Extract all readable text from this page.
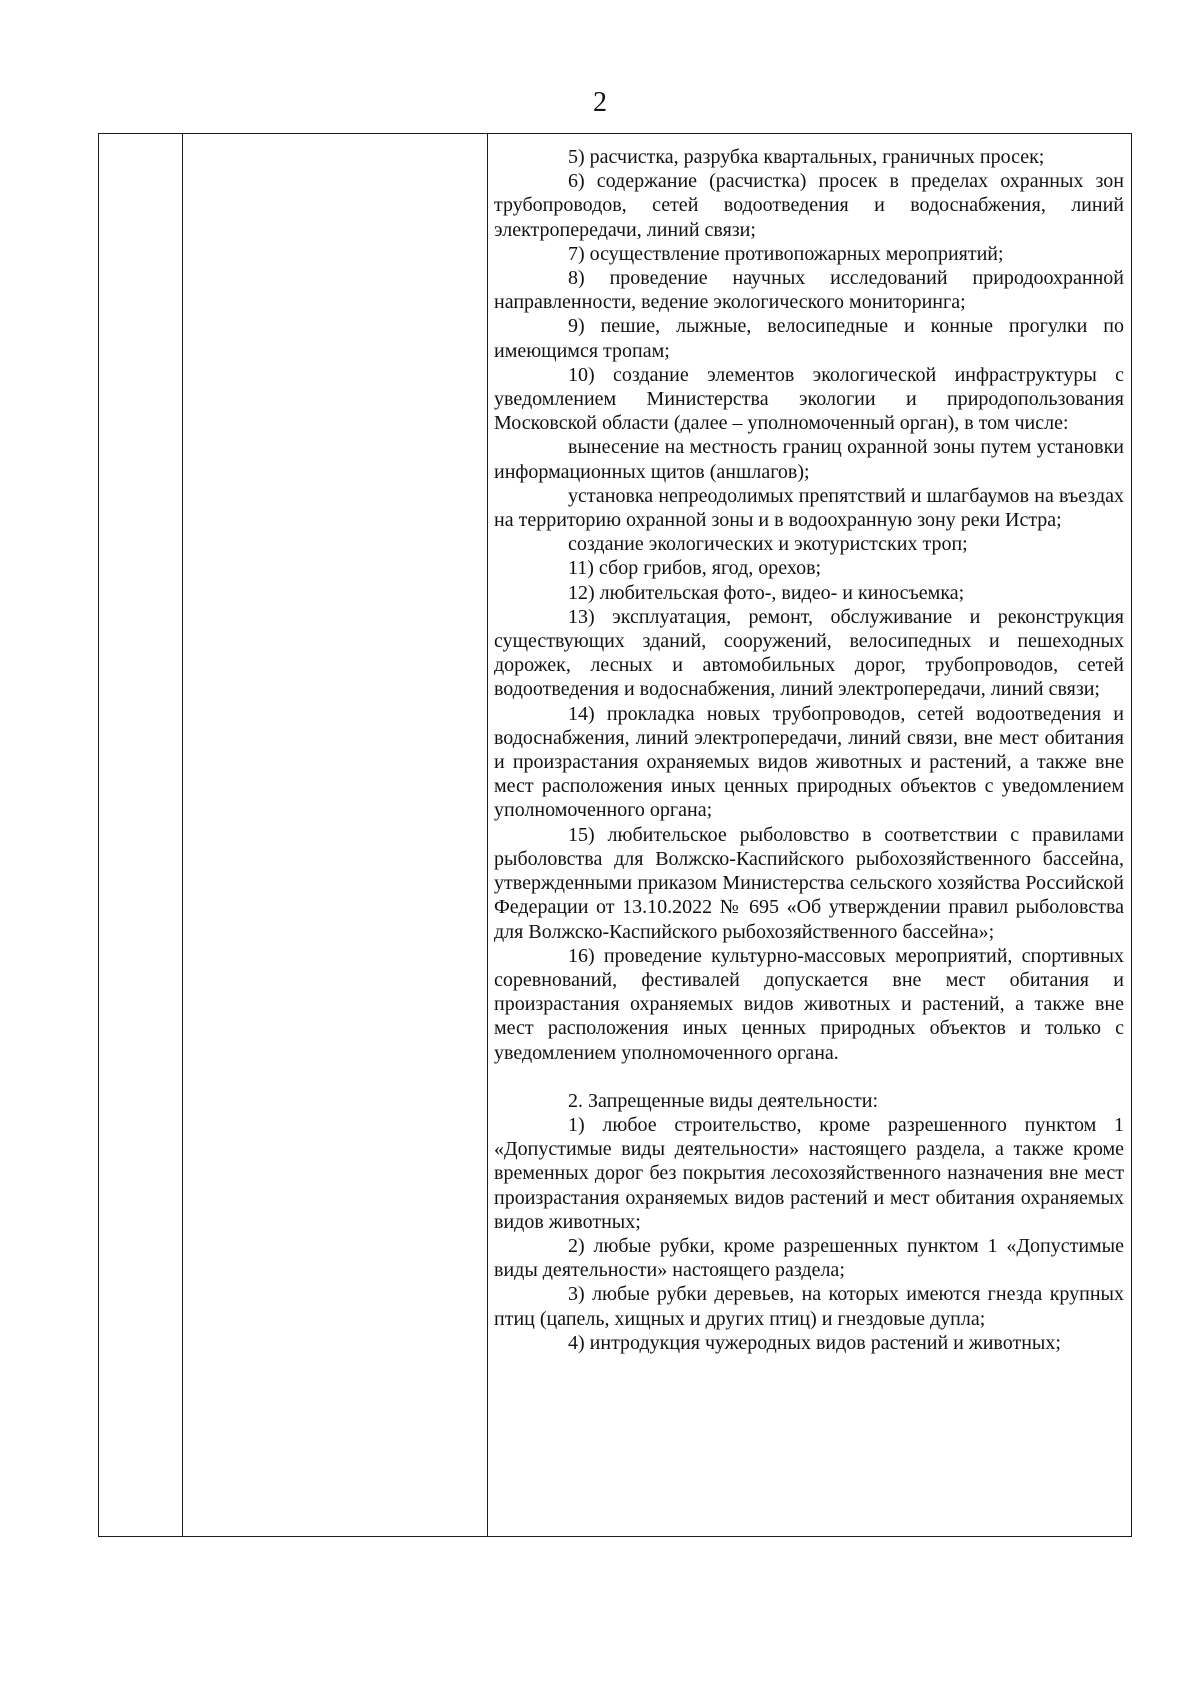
2

5) расчистка, разрубка квартальных, граничных просек;

6) содержание (расчистка) просек в пределах охранных зон трубопроводов, сетей водоотведения и водоснабжения, линий электропередачи, линий связи;

7) осуществление противопожарных мероприятий;

8) проведение научных исследований природоохранной направленности, ведение экологического мониторинга;

9) пешие, лыжные, велосипедные и конные прогулки по имеющимся тропам;

10) создание элементов экологической инфраструктуры с уведомлением Министерства экологии и природопользования Московской области (далее – уполномоченный орган), в том числе:

вынесение на местность границ охранной зоны путем установки информационных щитов (аншлагов);

установка непреодолимых препятствий и шлагбаумов на въездах на территорию охранной зоны и в водоохранную зону реки Истра;

создание экологических и экотуристских троп;

11) сбор грибов, ягод, орехов;

12) любительская фото-, видео- и киносъемка;

13) эксплуатация, ремонт, обслуживание и реконструкция существующих зданий, сооружений, велосипедных и пешеходных дорожек, лесных и автомобильных дорог, трубопроводов, сетей водоотведения и водоснабжения, линий электропередачи, линий связи;

14) прокладка новых трубопроводов, сетей водоотведения и водоснабжения, линий электропередачи, линий связи, вне мест обитания и произрастания охраняемых видов животных и растений, а также вне мест расположения иных ценных природных объектов с уведомлением уполномоченного органа;

15) любительское рыболовство в соответствии с правилами рыболовства для Волжско-Каспийского рыбохозяйственного бассейна, утвержденными приказом Министерства сельского хозяйства Российской Федерации от 13.10.2022 № 695 «Об утверждении правил рыболовства для Волжско-Каспийского рыбохозяйственного бассейна»;

16) проведение культурно-массовых мероприятий, спортивных соревнований, фестивалей допускается вне мест обитания и произрастания охраняемых видов животных и растений, а также вне мест расположения иных ценных природных объектов и только с уведомлением уполномоченного органа.

2. Запрещенные виды деятельности:

1) любое строительство, кроме разрешенного пунктом 1 «Допустимые виды деятельности» настоящего раздела, а также кроме временных дорог без покрытия лесохозяйственного назначения вне мест произрастания охраняемых видов растений и мест обитания охраняемых видов животных;

2) любые рубки, кроме разрешенных пунктом 1 «Допустимые виды деятельности» настоящего раздела;

3) любые рубки деревьев, на которых имеются гнезда крупных птиц (цапель, хищных и других птиц) и гнездовые дупла;

4) интродукция чужеродных видов растений и животных;
